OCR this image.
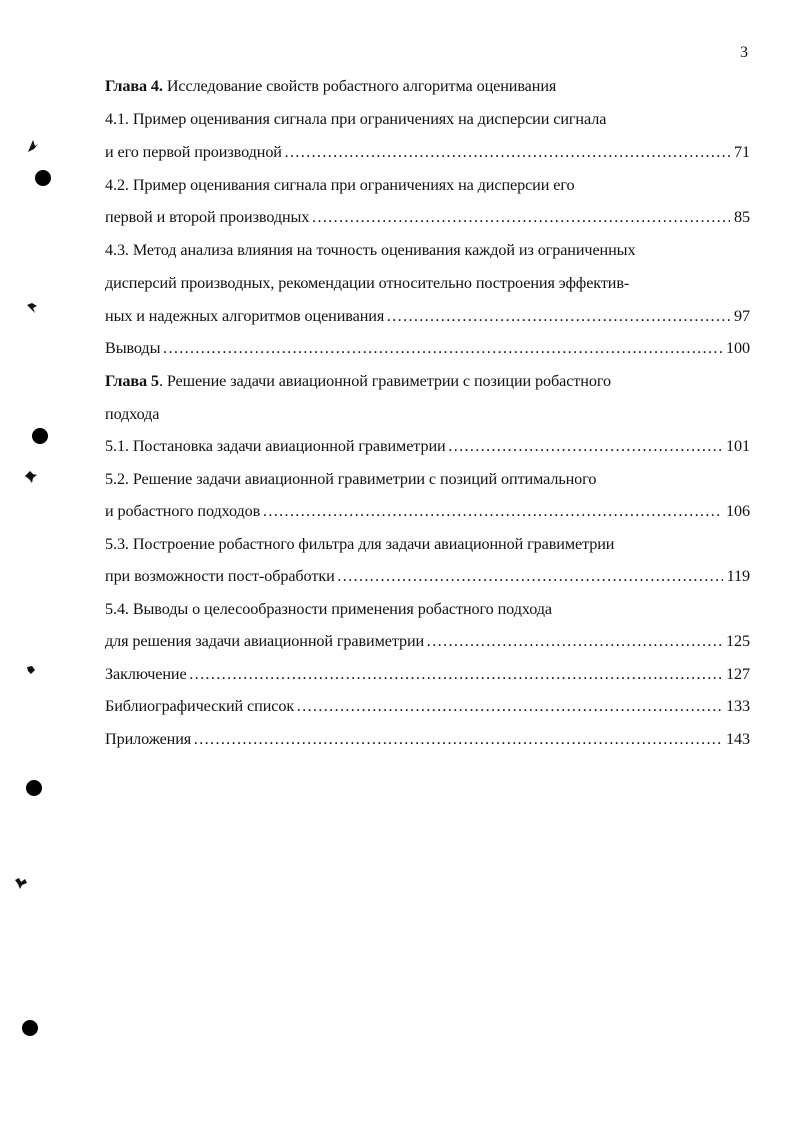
3
Глава 4. Исследование свойств робастного алгоритма оценивания
4.1. Пример оценивания сигнала при ограничениях на дисперсии сигнала
и его первой производной …………………………………………………………………………………………………………………………………………………………………………………………………	71
4.2. Пример оценивания сигнала при ограничениях на дисперсии его
первой и второй производных …………………………………………………………………………………………………………………………………………………………………………………………………	85
4.3. Метод анализа влияния на точность оценивания каждой из ограниченных
дисперсий производных, рекомендации относительно построения эффектив-
ных и надежных алгоритмов оценивания …………………………………………………………………………………………………………………………………………………………………………………………………	97
Выводы …………………………………………………………………………………………………………………………………………………………………………………………………	100
Глава 5. Решение задачи авиационной гравиметрии с позиции робастного
подхода
5.1. Постановка задачи авиационной гравиметрии …………………………………………………………………………………………………………………………………………………………………………………………………	101
5.2. Решение задачи авиационной гравиметрии с позиций оптимального
и робастного подходов …………………………………………………………………………………………………………………………………………………………………………………………………	106
5.3. Построение робастного фильтра для задачи авиационной гравиметрии
при возможности пост-обработки …………………………………………………………………………………………………………………………………………………………………………………………………	119
5.4. Выводы о целесообразности применения робастного подхода
для решения задачи авиационной гравиметрии …………………………………………………………………………………………………………………………………………………………………………………………………	125
Заключение …………………………………………………………………………………………………………………………………………………………………………………………………	127
Библиографический список …………………………………………………………………………………………………………………………………………………………………………………………………	133
Приложения …………………………………………………………………………………………………………………………………………………………………………………………………	143
